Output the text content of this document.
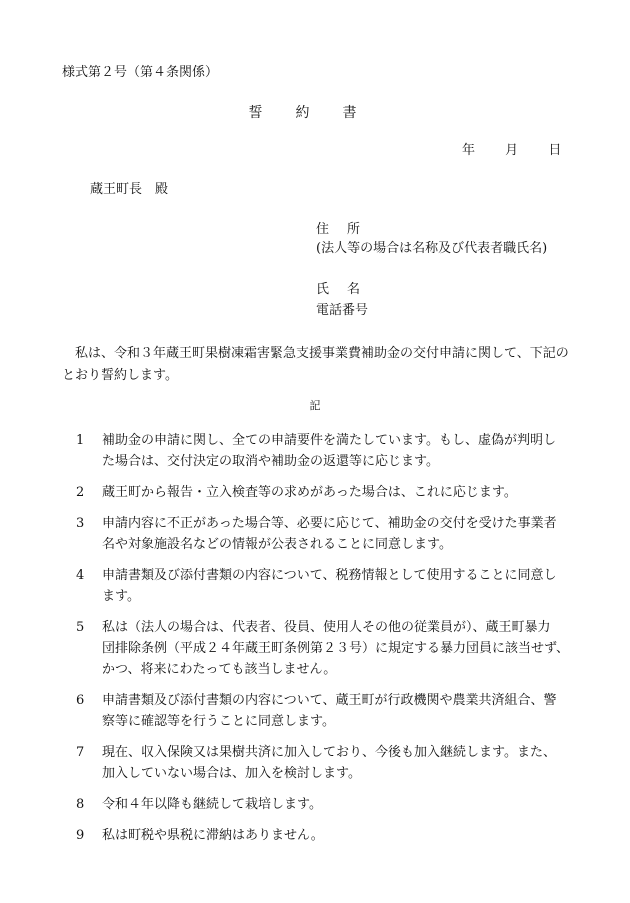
様式第２号（第４条関係）
誓約書
年 月 日
蔵王町長　殿
住所
(法人等の場合は名称及び代表者職氏名)
氏名
電話番号
私は、令和３年蔵王町果樹凍霜害緊急支援事業費補助金の交付申請に関して、下記のとおり誓約します。
記
1	補助金の申請に関し、全ての申請要件を満たしています。もし、虚偽が判明し
た場合は、交付決定の取消や補助金の返還等に応じます。
2	蔵王町から報告・立入検査等の求めがあった場合は、これに応じます。
3	申請内容に不正があった場合等、必要に応じて、補助金の交付を受けた事業者
名や対象施設名などの情報が公表されることに同意します。
4	申請書類及び添付書類の内容について、税務情報として使用することに同意し
ます。
5	私は（法人の場合は、代表者、役員、使用人その他の従業員が）、蔵王町暴力
団排除条例（平成２４年蔵王町条例第２３号）に規定する暴力団員に該当せず、
かつ、将来にわたっても該当しません。
6	申請書類及び添付書類の内容について、蔵王町が行政機関や農業共済組合、警
察等に確認等を行うことに同意します。
7	現在、収入保険又は果樹共済に加入しており、今後も加入継続します。また、
加入していない場合は、加入を検討します。
8	令和４年以降も継続して栽培します。
9	私は町税や県税に滞納はありません。
